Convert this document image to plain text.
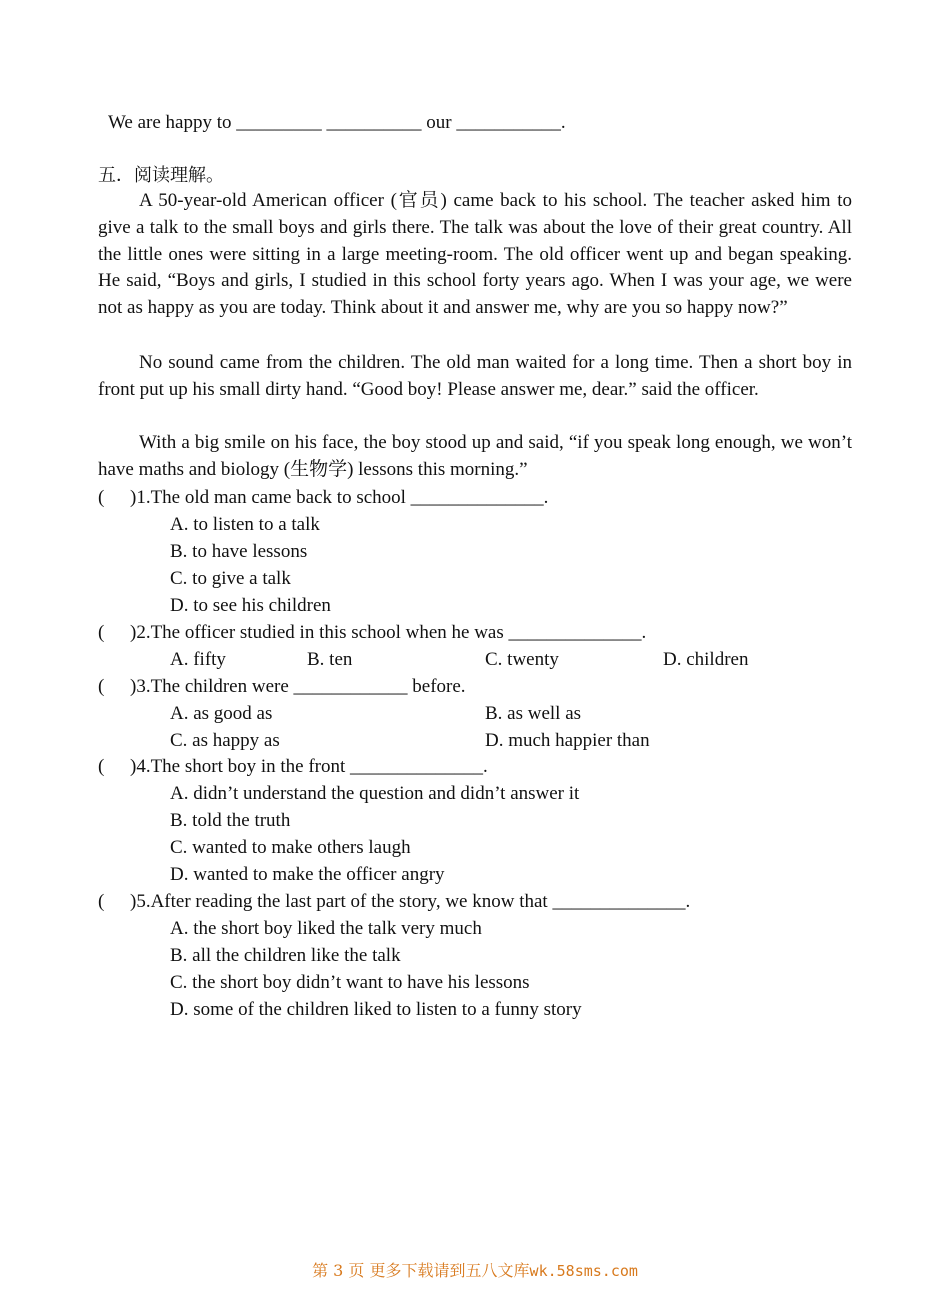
We are happy to _________ __________ our ___________.
五．阅读理解。
A 50-year-old American officer (官员) came back to his school. The teacher asked him to give a talk to the small boys and girls there. The talk was about the love of their great country. All the little ones were sitting in a large meeting-room. The old officer went up and began speaking. He said, “Boys and girls, I studied in this school forty years ago. When I was your age, we were not as happy as you are today. Think about it and answer me, why are you so happy now?”
No sound came from the children. The old man waited for a long time. Then a short boy in front put up his small dirty hand. “Good boy! Please answer me, dear.” said the officer.
With a big smile on his face, the boy stood up and said, “if you speak long enough, we won’t have maths and biology (生物学) lessons this morning.”
( )1.The old man came back to school ______________.
A. to listen to a talk
B. to have lessons
C. to give a talk
D. to see his children
( )2.The officer studied in this school when he was ______________.
A. fifty	B. ten	C. twenty	D. children
( )3.The children were ____________ before.
A. as good as	B. as well as
C. as happy as	D. much happier than
( )4.The short boy in the front ______________.
A. didn’t understand the question and didn’t answer it
B. told the truth
C. wanted to make others laugh
D. wanted to make the officer angry
( )5.After reading the last part of the story, we know that ______________.
A. the short boy liked the talk very much
B. all the children like the talk
C. the short boy didn’t want to have his lessons
D. some of the children liked to listen to a funny story
第 3 页 更多下载请到五八文库wk.58sms.com
